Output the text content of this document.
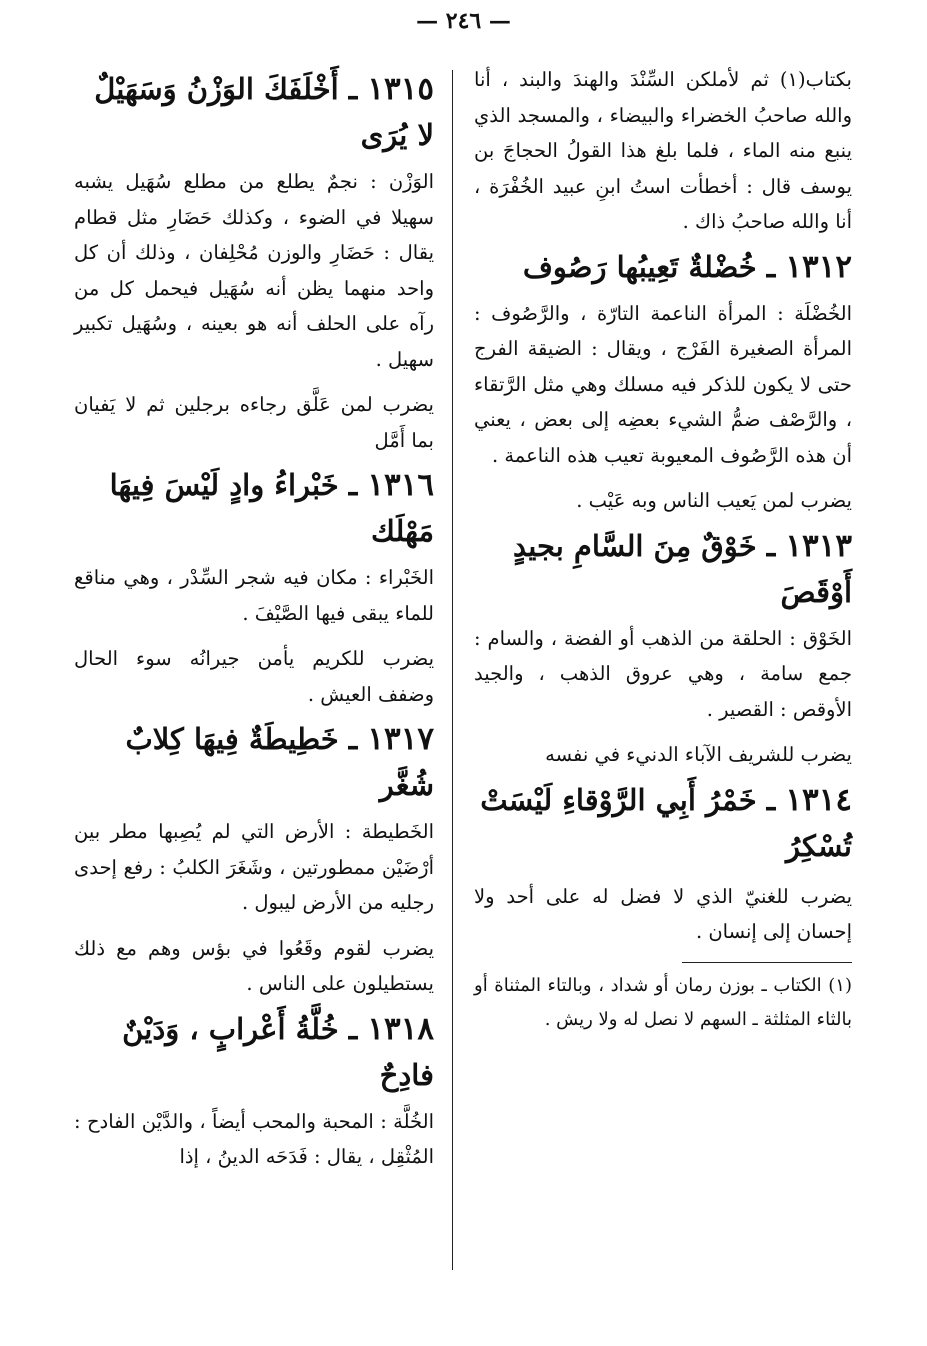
— ٢٤٦ —

بكتاب(١) ثم لأملكن السِّنْدَ والهندَ والبند ، أنا والله صاحبُ الخضراء والبيضاء ، والمسجد الذي ينبع منه الماء ، فلما بلغ هذا القولُ الحجاجَ بن يوسف قال : أخطأت استُ ابنِ عبيد الخُفْرَة ، أنا والله صاحبُ ذاك .

١٣١٢ ـ خُضْلةٌ تَعِيبُها رَصُوف

الخُضْلَة : المرأة الناعمة التارّة ، والرَّصُوف : المرأة الصغيرة الفَرْج ، ويقال : الضيقة الفرج حتى لا يكون للذكر فيه مسلك وهي مثل الرَّتقاء ، والرَّصْف ضمُّ الشيء بعضِه إلى بعض ، يعني أن هذه الرَّصُوف المعيوبة تعيب هذه الناعمة .

يضرب لمن يَعيب الناس وبه عَيْب .

١٣١٣ ـ خَوْقٌ مِنَ السَّامِ بجيدٍ أَوْقَصَ

الخَوْق : الحلقة من الذهب أو الفضة ، والسام : جمع سامة ، وهي عروق الذهب ، والجيد الأوقص : القصير .

يضرب للشريف الآباء الدنيء في نفسه

١٣١٤ ـ خَمْرُ أَبِي الرَّوْقاءِ لَيْسَتْ تُسْكِرُ

يضرب للغنيّ الذي لا فضل له على أحد ولا إحسان إلى إنسان .

(١) الكتاب ـ بوزن رمان أو شداد ، وبالتاء المثناة أو بالثاء المثلثة ـ السهم لا نصل له ولا ريش .

١٣١٥ ـ أَخْلَفَكَ الوَزْنُ وَسَهَيْلٌ لا يُرَى

الوَزْن : نجمٌ يطلع من مطلع سُهَيل يشبه سهيلا في الضوء ، وكذلك حَضَارِ مثل قطام يقال : حَضَارِ والوزن مُحْلِفان ، وذلك أن كل واحد منهما يظن أنه سُهَيل فيحمل كل من رآه على الحلف أنه هو بعينه ، وسُهَيل تكبير سهيل .

يضرب لمن عَلَّق رجاءه برجلين ثم لا يَفيان بما أَمَّل

١٣١٦ ـ خَبْراءُ وادٍ لَيْسَ فِيهَا مَهْلَك

الخَبْراء : مكان فيه شجر السِّدْر ، وهي مناقع للماء يبقى فيها الصَّيْفَ .

يضرب للكريم يأمن جيرانُه سوء الحال وضفف العيش .

١٣١٧ ـ خَطِيطَةٌ فِيهَا كِلابٌ شُغَّر

الخَطيطة : الأرض التي لم يُصِبها مطر بين أرْضَيْن ممطورتين ، وشَغَرَ الكلبُ : رفع إحدى رجليه من الأرض ليبول .

يضرب لقوم وقَعُوا في بؤس وهم مع ذلك يستطيلون على الناس .

١٣١٨ ـ خُلَّةُ أَعْرابٍ ، وَدَيْنٌ فادِحٌ

الخُلَّة : المحبة والمحب أيضاً ، والدَّيْن الفادح : المُثْقِل ، يقال : فَدَحَه الدينُ ، إذا
